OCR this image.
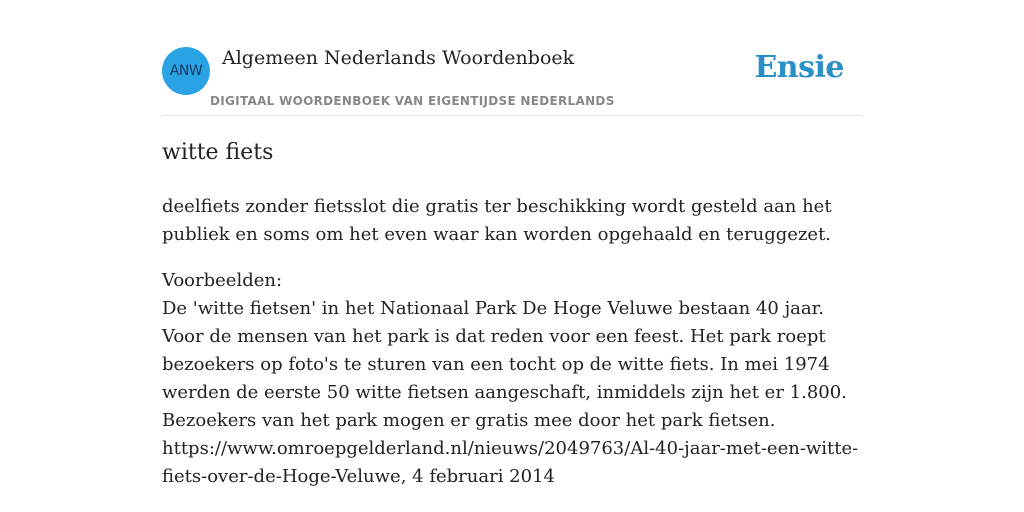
ANW
Algemeen Nederlands Woordenboek
DIGITAAL WOORDENBOEK VAN EIGENTIJDSE NEDERLANDS
Ensie
witte fiets

deelfiets zonder fietsslot die gratis ter beschikking wordt gesteld aan het publiek en soms om het even waar kan worden opgehaald en teruggezet.

Voorbeelden:
De 'witte fietsen' in het Nationaal Park De Hoge Veluwe bestaan 40 jaar. Voor de mensen van het park is dat reden voor een feest. Het park roept bezoekers op foto's te sturen van een tocht op de witte fiets. In mei 1974 werden de eerste 50 witte fietsen aangeschaft, inmiddels zijn het er 1.800. Bezoekers van het park mogen er gratis mee door het park fietsen.
https://www.omroepgelderland.nl/nieuws/2049763/Al-40-jaar-met-een-witte-fiets-over-de-Hoge-Veluwe, 4 februari 2014
